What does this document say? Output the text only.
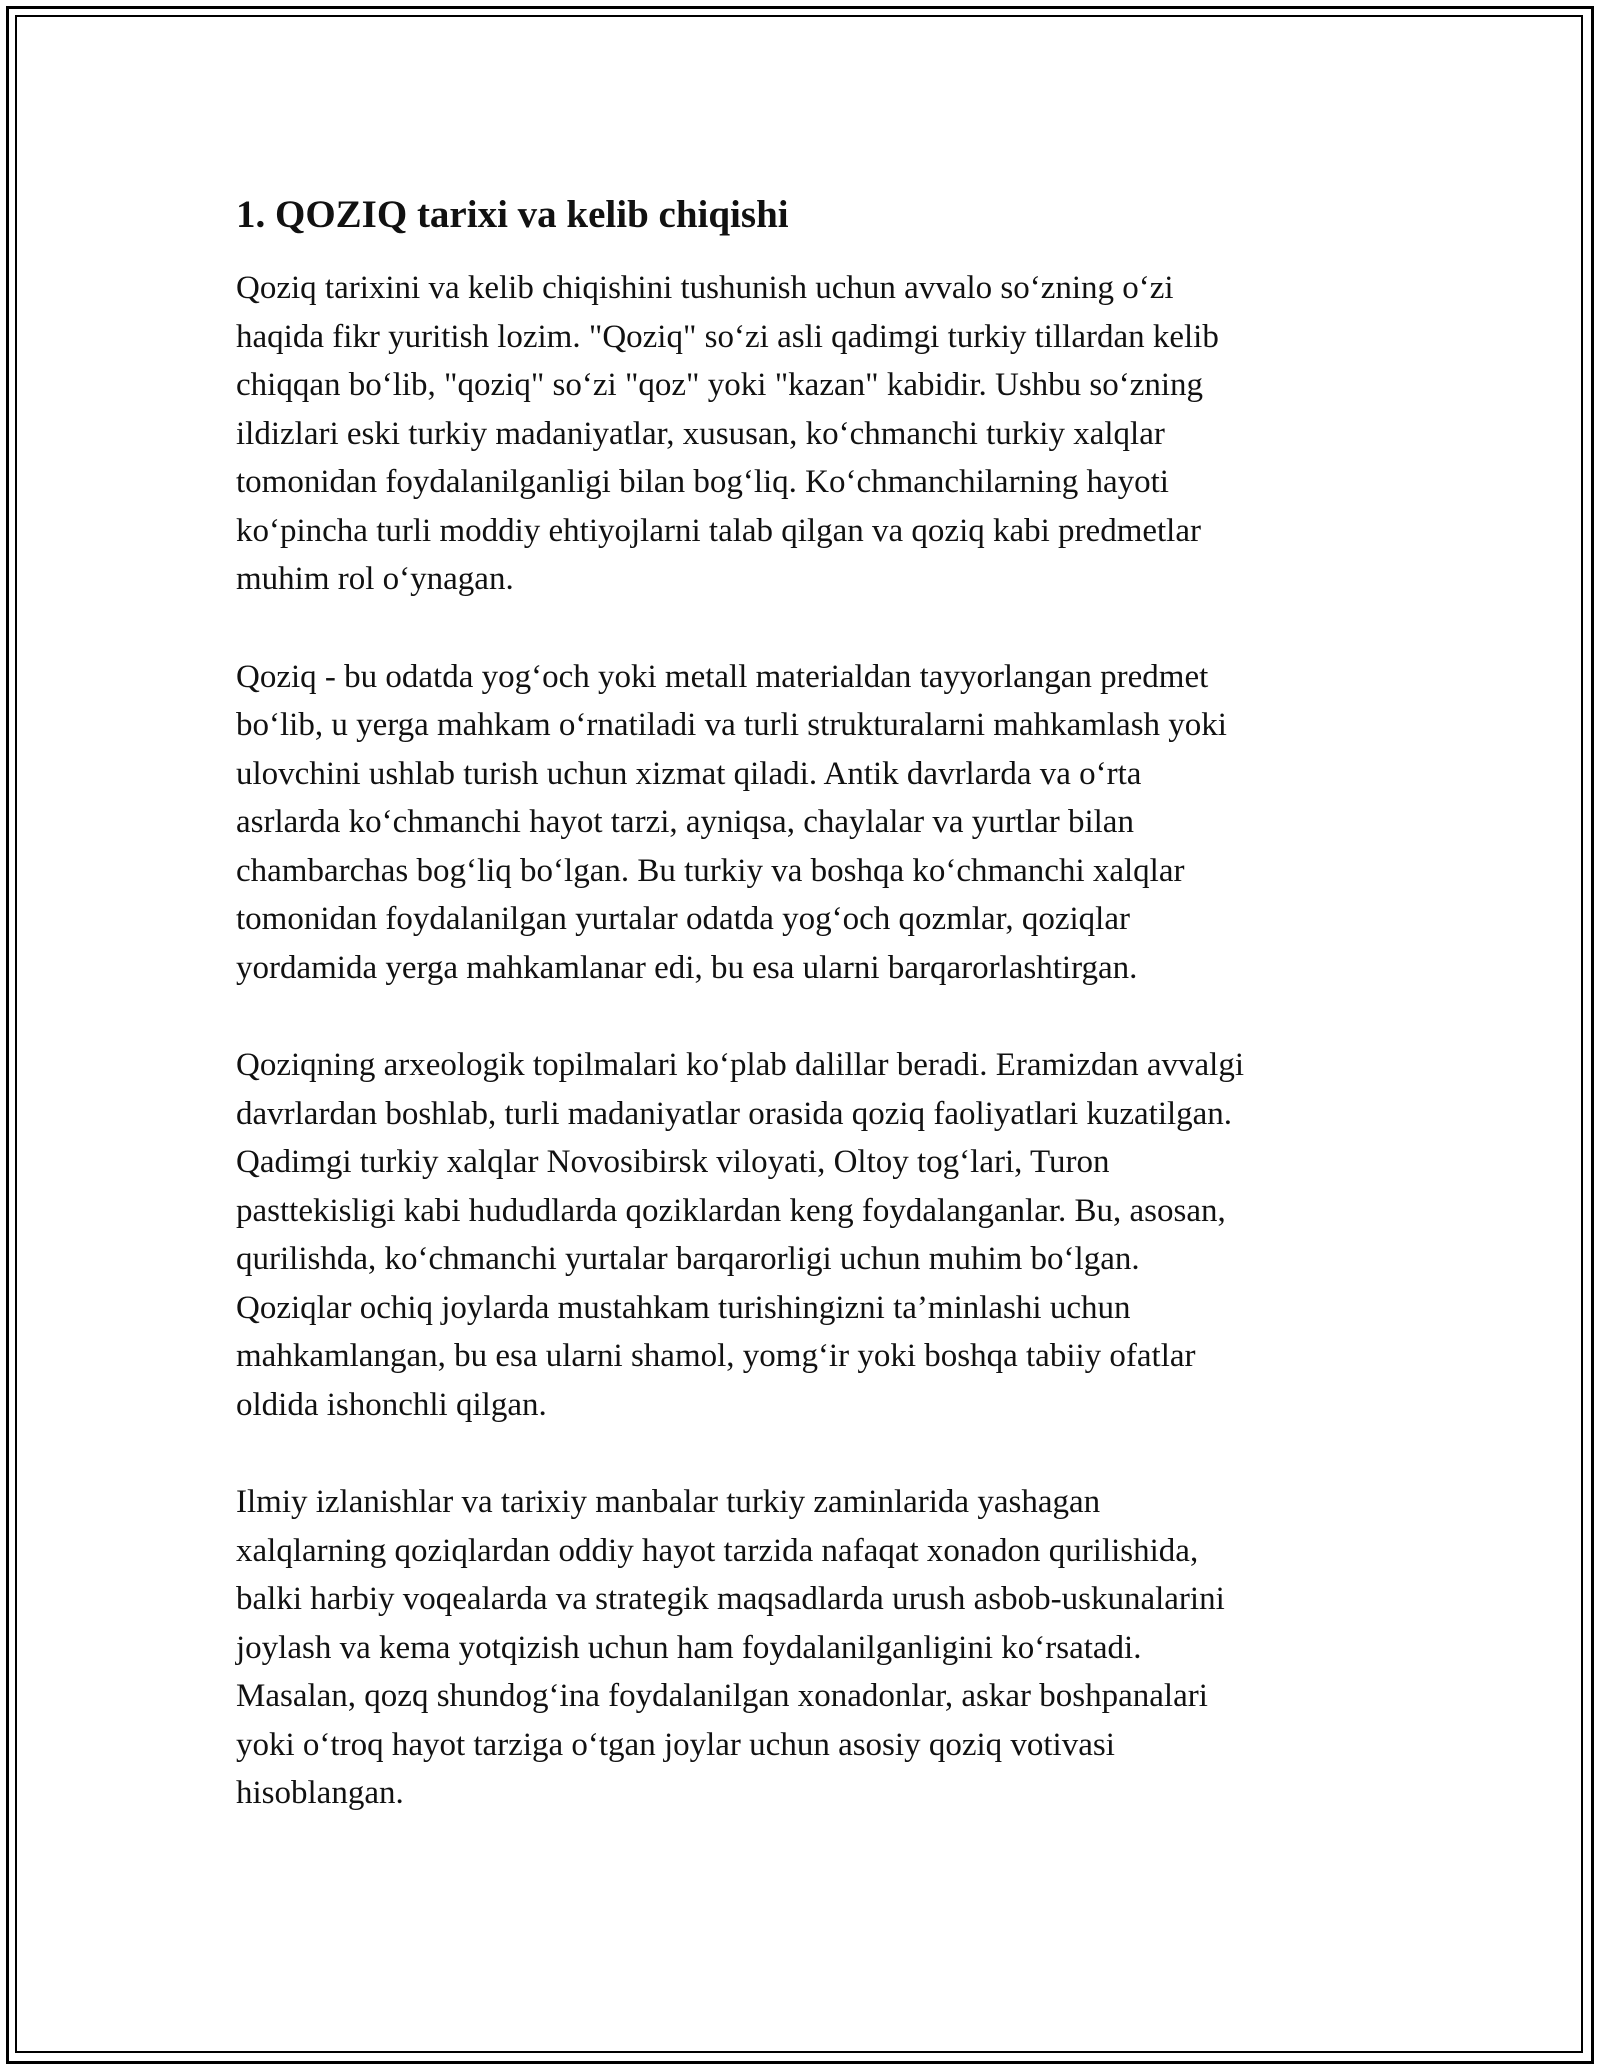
1. QOZIQ tarixi va kelib chiqishi
Qoziq tarixini va kelib chiqishini tushunish uchun avvalo so‘zning o‘zi
haqida fikr yuritish lozim. "Qoziq" so‘zi asli qadimgi turkiy tillardan kelib
chiqqan bo‘lib, "qoziq" so‘zi "qoz" yoki "kazan" kabidir. Ushbu so‘zning
ildizlari eski turkiy madaniyatlar, xususan, ko‘chmanchi turkiy xalqlar
tomonidan foydalanilganligi bilan bog‘liq. Ko‘chmanchilarning hayoti
ko‘pincha turli moddiy ehtiyojlarni talab qilgan va qoziq kabi predmetlar
muhim rol o‘ynagan.
Qoziq - bu odatda yog‘och yoki metall materialdan tayyorlangan predmet
bo‘lib, u yerga mahkam o‘rnatiladi va turli strukturalarni mahkamlash yoki
ulovchini ushlab turish uchun xizmat qiladi. Antik davrlarda va o‘rta
asrlarda ko‘chmanchi hayot tarzi, ayniqsa, chaylalar va yurtlar bilan
chambarchas bog‘liq bo‘lgan. Bu turkiy va boshqa ko‘chmanchi xalqlar
tomonidan foydalanilgan yurtalar odatda yog‘och qozmlar, qoziqlar
yordamida yerga mahkamlanar edi, bu esa ularni barqarorlashtirgan.
Qoziqning arxeologik topilmalari ko‘plab dalillar beradi. Eramizdan avvalgi
davrlardan boshlab, turli madaniyatlar orasida qoziq faoliyatlari kuzatilgan.
Qadimgi turkiy xalqlar Novosibirsk viloyati, Oltoy tog‘lari, Turon
pasttekisligi kabi hududlarda qoziklardan keng foydalanganlar. Bu, asosan,
qurilishda, ko‘chmanchi yurtalar barqarorligi uchun muhim bo‘lgan.
Qoziqlar ochiq joylarda mustahkam turishingizni ta’minlashi uchun
mahkamlangan, bu esa ularni shamol, yomg‘ir yoki boshqa tabiiy ofatlar
oldida ishonchli qilgan.
Ilmiy izlanishlar va tarixiy manbalar turkiy zaminlarida yashagan
xalqlarning qoziqlardan oddiy hayot tarzida nafaqat xonadon qurilishida,
balki harbiy voqealarda va strategik maqsadlarda urush asbob-uskunalarini
joylash va kema yotqizish uchun ham foydalanilganligini ko‘rsatadi.
Masalan, qozq shundog‘ina foydalanilgan xonadonlar, askar boshpanalari
yoki o‘troq hayot tarziga o‘tgan joylar uchun asosiy qoziq votivasi
hisoblangan.
